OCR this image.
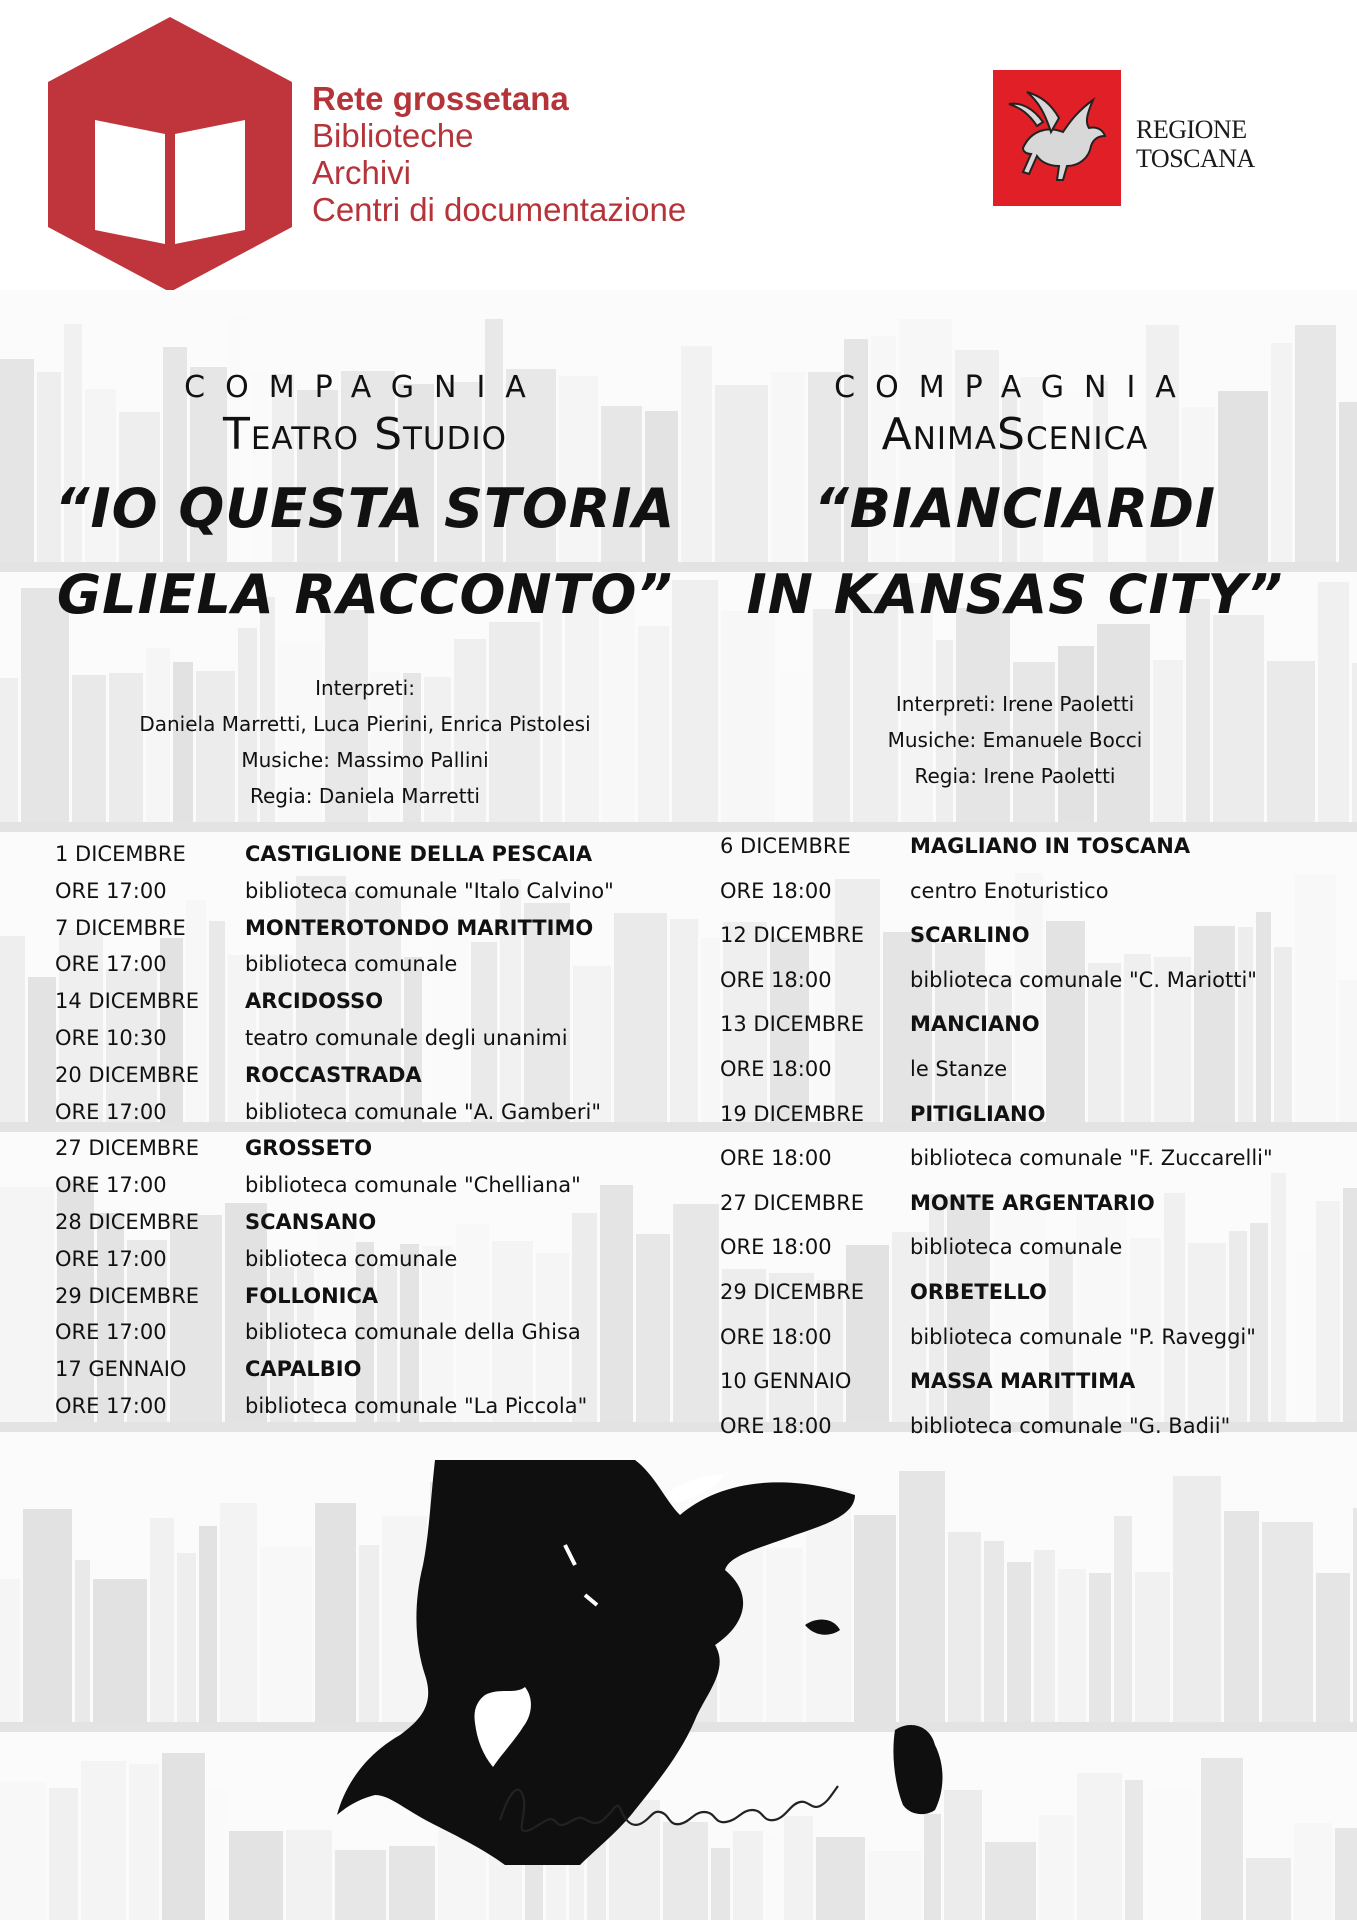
Rete grossetana
Biblioteche
Archivi
Centri di documentazione
REGIONE
TOSCANA
COMPAGNIA
Teatro Studio
“IO QUESTA STORIA
GLIELA RACCONTO”
Interpreti:
Daniela Marretti, Luca Pierini, Enrica Pistolesi
Musiche: Massimo Pallini
Regia: Daniela Marretti
1 DICEMBRE	CASTIGLIONE DELLA PESCAIA
ORE 17:00	biblioteca comunale "Italo Calvino"
7 DICEMBRE	MONTEROTONDO MARITTIMO
ORE 17:00	biblioteca comunale
14 DICEMBRE ARCIDOSSO
ORE 10:30	teatro comunale degli unanimi
20 DICEMBRE ROCCASTRADA
ORE 17:00	biblioteca comunale "A. Gamberi"
27 DICEMBRE GROSSETO
ORE 17:00	biblioteca comunale "Chelliana"
28 DICEMBRE SCANSANO
ORE 17:00	biblioteca comunale
29 DICEMBRE FOLLONICA
ORE 17:00	biblioteca comunale della Ghisa
17 GENNAIO	CAPALBIO
ORE 17:00	biblioteca comunale "La Piccola"
COMPAGNIA
AnimaScenica
“BIANCIARDI
IN KANSAS CITY”
Interpreti: Irene Paoletti
Musiche: Emanuele Bocci
Regia: Irene Paoletti
6 DICEMBRE	MAGLIANO IN TOSCANA
ORE 18:00	centro Enoturistico
12 DICEMBRE SCARLINO
ORE 18:00	biblioteca comunale "C. Mariotti"
13 DICEMBRE MANCIANO
ORE 18:00	le Stanze
19 DICEMBRE PITIGLIANO
ORE 18:00	biblioteca comunale "F. Zuccarelli"
27 DICEMBRE MONTE ARGENTARIO
ORE 18:00	biblioteca comunale
29 DICEMBRE ORBETELLO
ORE 18:00	biblioteca comunale "P. Raveggi"
10 GENNAIO	MASSA MARITTIMA
ORE 18:00	biblioteca comunale "G. Badii"
